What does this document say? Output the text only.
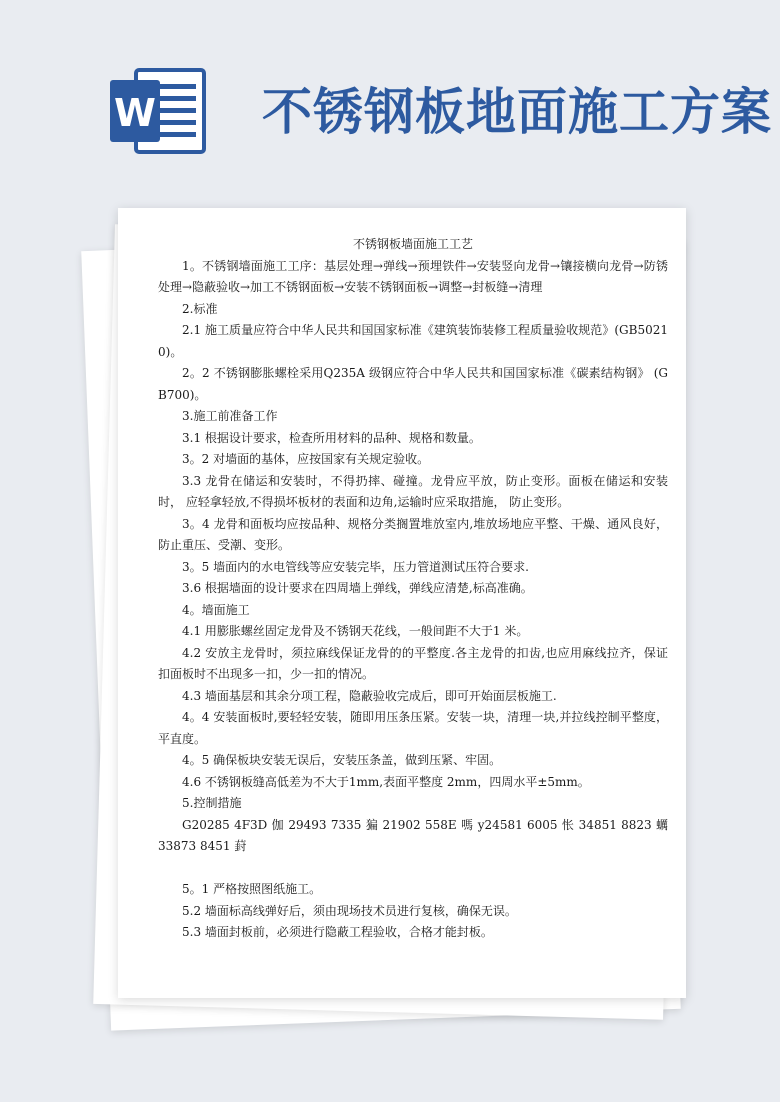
W 不锈钢板地面施工方案

不锈钢板墙面施工工艺

1。不锈钢墙面施工工序：基层处理→弹线→预埋铁件→安装竖向龙骨→镶接横向龙骨→防锈处理→隐蔽验收→加工不锈钢面板→安装不锈钢面板→调整→封板缝→清理

2.标准

2.1 施工质量应符合中华人民共和国国家标准《建筑装饰装修工程质量验收规范》(GB50210)。

2。2 不锈钢膨胀螺栓采用Q235A 级钢应符合中华人民共和国国家标准《碳素结构钢》 (GB700)。

3.施工前准备工作

3.1 根据设计要求，检查所用材料的品种、规格和数量。

3。2 对墙面的基体，应按国家有关规定验收。

3.3 龙骨在储运和安装时，不得扔摔、碰撞。龙骨应平放，防止变形。面板在储运和安装时， 应轻拿轻放,不得损坏板材的表面和边角,运输时应采取措施， 防止变形。

3。4 龙骨和面板均应按品种、规格分类搁置堆放室内,堆放场地应平整、干燥、通风良好，防止重压、受潮、变形。

3。5 墙面内的水电管线等应安装完毕，压力管道测试压符合要求.

3.6 根据墙面的设计要求在四周墙上弹线，弹线应清楚,标高准确。

4。墙面施工

4.1 用膨胀螺丝固定龙骨及不锈钢天花线，一般间距不大于1 米。

4.2 安放主龙骨时，须拉麻线保证龙骨的的平整度.各主龙骨的扣齿,也应用麻线拉齐，保证扣面板时不出现多一扣，少一扣的情况。

4.3 墙面基层和其余分项工程，隐蔽验收完成后，即可开始面层板施工.

4。4 安装面板时,要轻轻安装，随即用压条压紧。安装一块，清理一块,并拉线控制平整度，平直度。

4。5 确保板块安装无误后，安装压条盖，做到压紧、牢固。

4.6 不锈钢板缝高低差为不大于1mm,表面平整度 2mm，四周水平±5mm。

5.控制措施

G20285 4F3D 伽 29493 7335 猵 21902 558E 嗎 y24581 6005 怅 34851 8823 蠣 33873 8451 葑

5。1 严格按照图纸施工。

5.2 墙面标高线弹好后，须由现场技术员进行复核，确保无误。

5.3 墙面封板前，必须进行隐蔽工程验收，合格才能封板。
